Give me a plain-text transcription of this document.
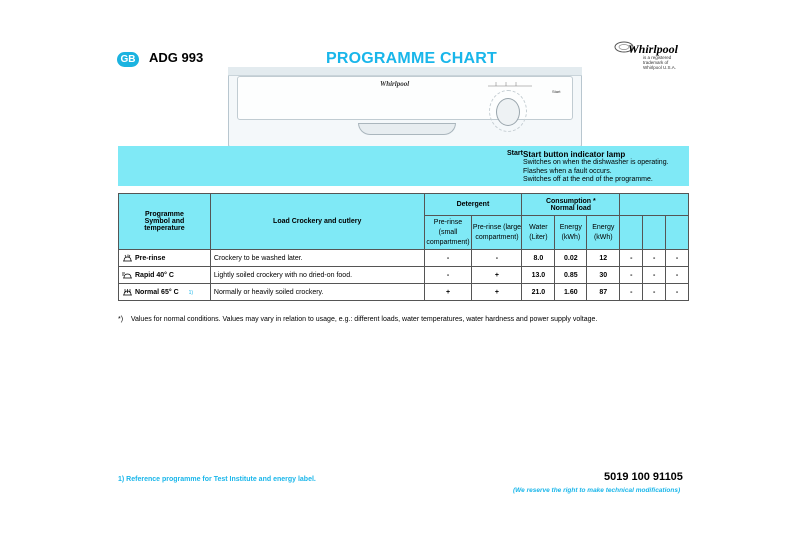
GB ADG 993	PROGRAMME CHART
Whirlpool
is a registered trademark of Whirlpool U.S.A.
Whirlpool
Start
Start Start button indicator lamp
Switches on when the dishwasher is operating.
Flashes when a fault occurs.
Switches off at the end of the programme.
Programme Symbol and temperature	Load Crockery and cutlery	Detergent		Consumption * Normal load					
		Pre-rinse (small compartment)	Pre-rinse (large compartment)	Water (Liter)	Energy (kWh)	Energy (kWh)			
Pre-rinse	Crockery to be washed later.	-	-	8.0	0.02	12	-	-	-
Rapid 40° C	Lightly soiled crockery with no dried-on food.	-	+	13.0	0.85	30	-	-	-
Normal 65° C 1)	Normally or heavily soiled crockery.	+	+	21.0	1.60	87	-	-	-
*)    Values for normal conditions. Values may vary in relation to usage, e.g.: different loads, water temperatures, water hardness and power supply voltage.
1) Reference programme for Test Institute and energy label.	5019 100 91105
(We reserve the right to make technical modifications)
